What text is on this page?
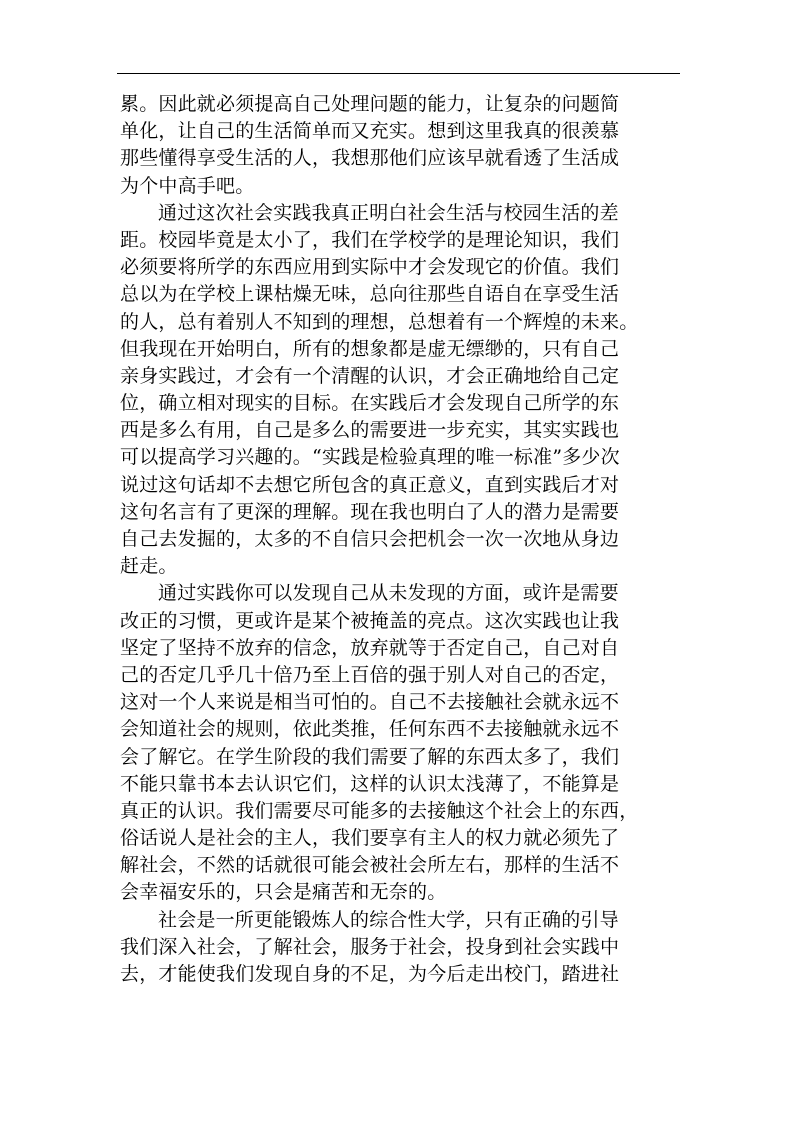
累。因此就必须提高自己处理问题的能力，让复杂的问题简
单化，让自己的生活简单而又充实。想到这里我真的很羡慕
那些懂得享受生活的人，我想那他们应该早就看透了生活成
为个中高手吧。
通过这次社会实践我真正明白社会生活与校园生活的差
距。校园毕竟是太小了，我们在学校学的是理论知识，我们
必须要将所学的东西应用到实际中才会发现它的价值。我们
总以为在学校上课枯燥无味，总向往那些自语自在享受生活
的人，总有着别人不知到的理想，总想着有一个辉煌的未来。
但我现在开始明白，所有的想象都是虚无缥缈的，只有自己
亲身实践过，才会有一个清醒的认识，才会正确地给自己定
位，确立相对现实的目标。在实践后才会发现自己所学的东
西是多么有用，自己是多么的需要进一步充实，其实实践也
可以提高学习兴趣的。“实践是检验真理的唯一标准”多少次
说过这句话却不去想它所包含的真正意义，直到实践后才对
这句名言有了更深的理解。现在我也明白了人的潜力是需要
自己去发掘的，太多的不自信只会把机会一次一次地从身边
赶走。
通过实践你可以发现自己从未发现的方面，或许是需要
改正的习惯，更或许是某个被掩盖的亮点。这次实践也让我
坚定了坚持不放弃的信念，放弃就等于否定自己，自己对自
己的否定几乎几十倍乃至上百倍的强于别人对自己的否定，
这对一个人来说是相当可怕的。自己不去接触社会就永远不
会知道社会的规则，依此类推，任何东西不去接触就永远不
会了解它。在学生阶段的我们需要了解的东西太多了，我们
不能只靠书本去认识它们，这样的认识太浅薄了，不能算是
真正的认识。我们需要尽可能多的去接触这个社会上的东西，
俗话说人是社会的主人，我们要享有主人的权力就必须先了
解社会，不然的话就很可能会被社会所左右，那样的生活不
会幸福安乐的，只会是痛苦和无奈的。
社会是一所更能锻炼人的综合性大学，只有正确的引导
我们深入社会，了解社会，服务于社会，投身到社会实践中
去，才能使我们发现自身的不足，为今后走出校门，踏进社
